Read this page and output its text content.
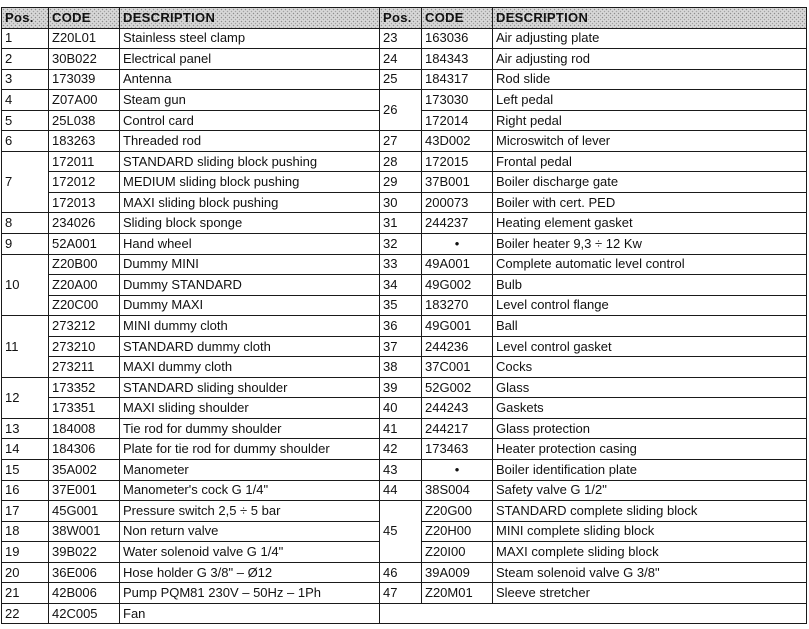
Pos.	CODE	DESCRIPTION
1	Z20L01	Stainless steel clamp
2	30B022	Electrical panel
3	173039	Antenna
4	Z07A00	Steam gun
5	25L038	Control card
6	183263	Threaded rod
7	172011	STANDARD sliding block pushing
	172012	MEDIUM sliding block pushing
	172013	MAXI sliding block pushing
8	234026	Sliding block sponge
9	52A001	Hand wheel
10	Z20B00	Dummy MINI
	Z20A00	Dummy STANDARD
	Z20C00	Dummy MAXI
11	273212	MINI dummy cloth
	273210	STANDARD dummy cloth
	273211	MAXI dummy cloth
12	173352	STANDARD sliding shoulder
	173351	MAXI sliding shoulder
13	184008	Tie rod for dummy shoulder
14	184306	Plate for tie rod for dummy shoulder
15	35A002	Manometer
16	37E001	Manometer's cock G 1/4"
17	45G001	Pressure switch 2,5 ÷ 5 bar
18	38W001	Non return valve
19	39B022	Water solenoid valve G 1/4"
20	36E006	Hose holder G 3/8" – Ø12
21	42B006	Pump PQM81 230V – 50Hz – 1Ph
22	42C005	Fan
Pos.	CODE	DESCRIPTION
23	163036	Air adjusting plate
24	184343	Air adjusting rod
25	184317	Rod slide
26	173030	Left pedal
	172014	Right pedal
27	43D002	Microswitch of lever
28	172015	Frontal pedal
29	37B001	Boiler discharge gate
30	200073	Boiler with cert. PED
31	244237	Heating element gasket
32	•	Boiler heater 9,3 ÷ 12 Kw
33	49A001	Complete automatic level control
34	49G002	Bulb
35	183270	Level control flange
36	49G001	Ball
37	244236	Level control gasket
38	37C001	Cocks
39	52G002	Glass
40	244243	Gaskets
41	244217	Glass protection
42	173463	Heater protection casing
43	•	Boiler identification plate
44	38S004	Safety valve G 1/2"
45	Z20G00	STANDARD complete sliding block
	Z20H00	MINI complete sliding block
	Z20I00	MAXI complete sliding block
46	39A009	Steam solenoid valve G 3/8"
47	Z20M01	Sleeve stretcher
